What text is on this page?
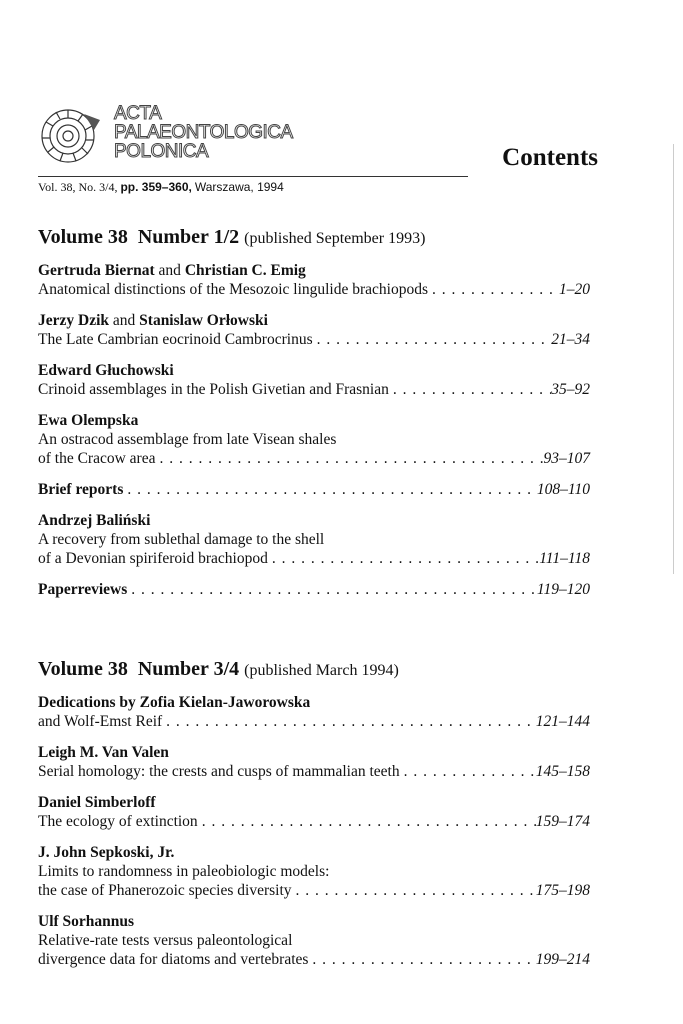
ACTA
PALAEONTOLOGICA
POLONICA	Contents
Vol. 38, No. 3/4, pp. 359–360, Warszawa, 1994
Volume 38 Number 1/2 (published September 1993)
Gertruda Biernat and Christian C. Emig
Anatomical distinctions of the Mesozoic lingulide brachiopods . . .	1–20
Jerzy Dzik and Stanislaw Orłowski
The Late Cambrian eocrinoid Cambrocrinus . . .	21–34
Edward Głuchowski
Crinoid assemblages in the Polish Givetian and Frasnian . . .	35–92
Ewa Olempska
An ostracod assemblage from late Visean shales
of the Cracow area . . .	93–107
Brief reports . . .	108–110
Andrzej Baliński
A recovery from sublethal damage to the shell
of a Devonian spiriferoid brachiopod . . .	111–118
Paperreviews . . .	119–120
Volume 38 Number 3/4 (published March 1994)
Dedications by Zofia Kielan-Jaworowska
and Wolf-Emst Reif . . .	121–144
Leigh M. Van Valen
Serial homology: the crests and cusps of mammalian teeth . . .	145–158
Daniel Simberloff
The ecology of extinction . . .	159–174
J. John Sepkoski, Jr.
Limits to randomness in paleobiologic models:
the case of Phanerozoic species diversity . . .	175–198
Ulf Sorhannus
Relative-rate tests versus paleontological
divergence data for diatoms and vertebrates . . .	199–214
